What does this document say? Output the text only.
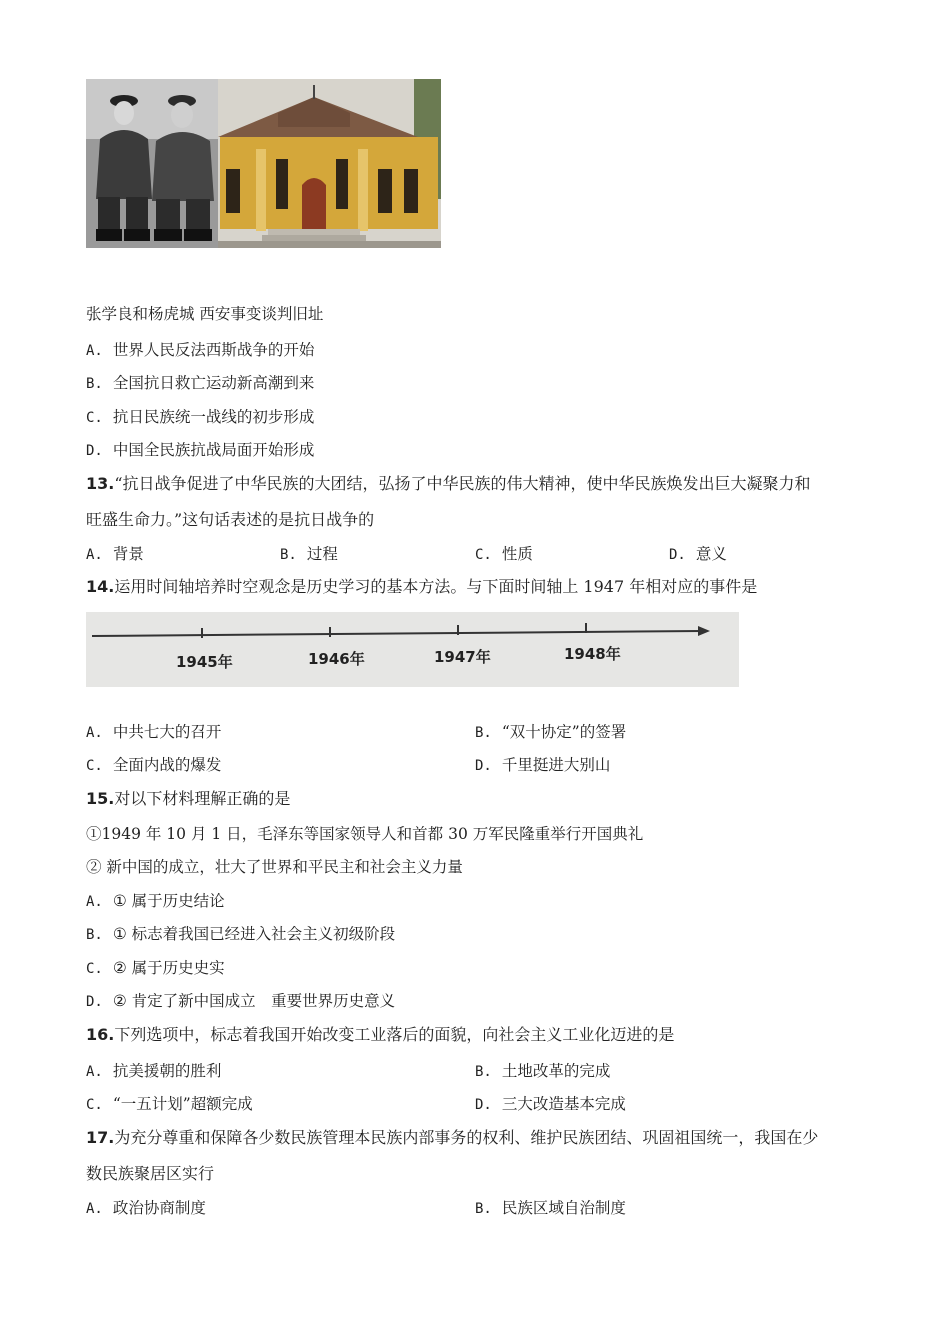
张学良和杨虎城 西安事变谈判旧址
A. 世界人民反法西斯战争的开始
B. 全国抗日救亡运动新高潮到来
C. 抗日民族统一战线的初步形成
D. 中国全民族抗战局面开始形成
13.“抗日战争促进了中华民族的大团结，弘扬了中华民族的伟大精神，使中华民族焕发出巨大凝聚力和
旺盛生命力。”这句话表述的是抗日战争的
A. 背景	B. 过程	C. 性质	D. 意义
14.运用时间轴培养时空观念是历史学习的基本方法。与下面时间轴上 1947 年相对应的事件是
1945年	1946年	1947年	1948年
A. 中共七大的召开	B. “双十协定”的签署
C. 全面内战的爆发	D. 千里挺进大别山
15.对以下材料理解正确的是
①1949 年 10 月 1 日，毛泽东等国家领导人和首都 30 万军民隆重举行开国典礼
② 新中国的成立，壮大了世界和平民主和社会主义力量
A. ① 属于历史结论
B. ① 标志着我国已经进入社会主义初级阶段
C. ② 属于历史史实
D. ② 肯定了新中国成立　重要世界历史意义
16.下列选项中，标志着我国开始改变工业落后的面貌，向社会主义工业化迈进的是
A. 抗美援朝的胜利	B. 土地改革的完成
C. “一五计划”超额完成	D. 三大改造基本完成
17.为充分尊重和保障各少数民族管理本民族内部事务的权利、维护民族团结、巩固祖国统一，我国在少
数民族聚居区实行
A. 政治协商制度	B. 民族区域自治制度
